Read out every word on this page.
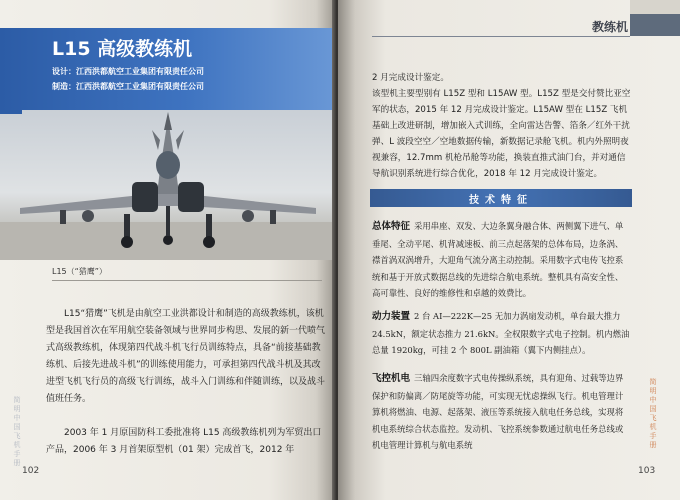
L15 高级教练机
设计：江西洪都航空工业集团有限责任公司
制造：江西洪都航空工业集团有限责任公司
L15（“猎鹰”）

L15“猎鹰”飞机是由航空工业洪都设计和制造的高级教练机，该机型是我国首次在军用航空装备领域与世界同步构思、发展的新一代喷气式高级教练机，体现第四代战斗机飞行员训练特点，具备“前接基础教练机、后接先进战斗机”的训练使用能力，可承担第四代战斗机及其改进型飞机飞行员的高级飞行训练，战斗入门训练和伴随训练，以及战斗值班任务。

2003 年 1 月原国防科工委批准将 L15 高级教练机列为军贸出口产品，2006 年 3 月首架原型机（01 架）完成首飞，2012 年

简明中国飞机手册
102
教练机

2 月完成设计鉴定。
该型机主要型别有 L15Z 型和 L15AW 型。L15Z 型是交付赞比亚空军的状态，2015 年 12 月完成设计鉴定。L15AW 型在 L15Z 飞机基础上改进研制，增加嵌入式训练，全向雷达告警、箔条／红外干扰弹、L 波段空空／空地数据传输，新数据记录舱飞机。机内外照明夜视兼容，12.7mm 机枪吊舱等功能，换装直推式油门台，并对通信导航识别系统进行综合优化，2018 年 12 月完成设计鉴定。

技术特征

总体特征 采用串座、双发、大边条翼身融合体、两侧翼下进气、单垂尾、全动平尾、机背减速板、前三点起落架的总体布局，边条涡、襟首涡双涡增升，大迎角气流分离主动控制。采用数字式电传飞控系统和基于开放式数据总线的先进综合航电系统。整机具有高安全性、高可靠性、良好的维修性和卓越的效费比。

动力装置 2 台 AI—222K—25 无加力涡扇发动机，单台最大推力 24.5kN，额定状态推力 21.6kN。全权限数字式电子控制。机内燃油总量 1920kg，可挂 2 个 800L 副油箱（翼下内侧挂点）。

飞控机电 三轴四余度数字式电传操纵系统，具有迎角、过载等边界保护和防偏离／防尾旋等功能，可实现无忧虑操纵飞行。机电管理计算机将燃油、电源、起落架、液压等系统接入航电任务总线，实现将机电系统综合状态监控。发动机、飞控系统参数通过航电任务总线或机电管理计算机与航电系统

简明中国飞机手册
103
